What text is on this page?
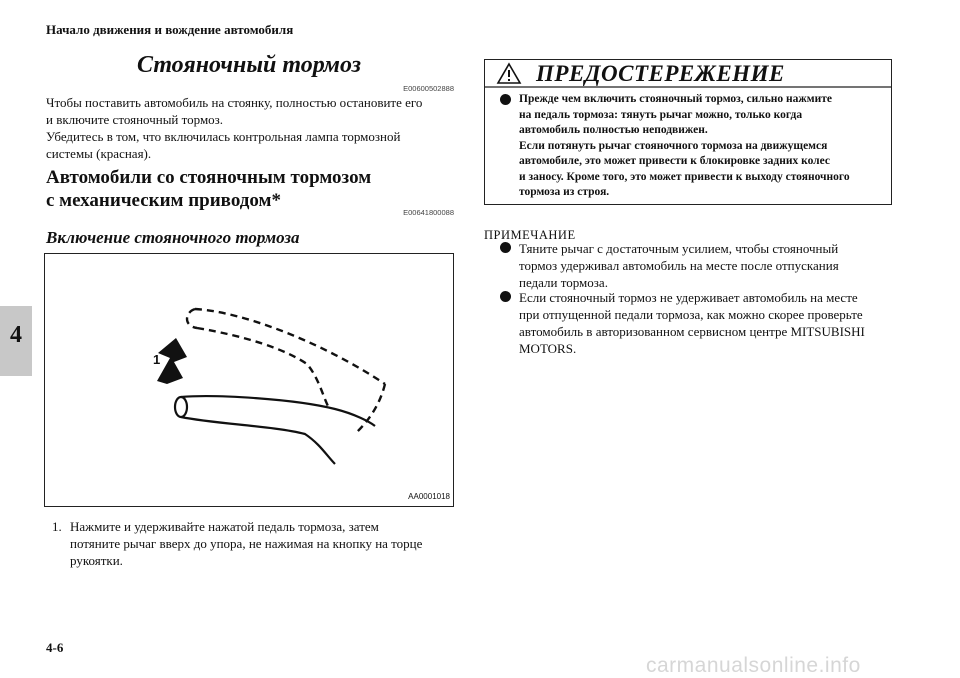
Начало движения и вождение автомобиля
4
Стояночный тормоз
E00600502888
Чтобы поставить автомобиль на стоянку, полностью остановите его
и включите стояночный тормоз.
Убедитесь в том, что включилась контрольная лампа тормозной
системы (красная).
Автомобили со стояночным тормозом
с механическим приводом*
E00641800088
Включение стояночного тормоза
1
AA0001018
1. Нажмите и удерживайте нажатой педаль тормоза, затем
потяните рычаг вверх до упора, не нажимая на кнопку на торце
рукоятки.
ПРЕДОСТЕРЕЖЕНИЕ
Прежде чем включить стояночный тормоз, сильно нажмите
на педаль тормоза: тянуть рычаг можно, только когда
автомобиль полностью неподвижен.
Если потянуть рычаг стояночного тормоза на движущемся
автомобиле, это может привести к блокировке задних колес
и заносу. Кроме того, это может привести к выходу стояночного
тормоза из строя.
ПРИМЕЧАНИЕ
Тяните рычаг с достаточным усилием, чтобы стояночный
тормоз удерживал автомобиль на месте после отпускания
педали тормоза.
Если стояночный тормоз не удерживает автомобиль на месте
при отпущенной педали тормоза, как можно скорее проверьте
автомобиль в авторизованном сервисном центре MITSUBISHI
MOTORS.
4-6
carmanualsonline.info
